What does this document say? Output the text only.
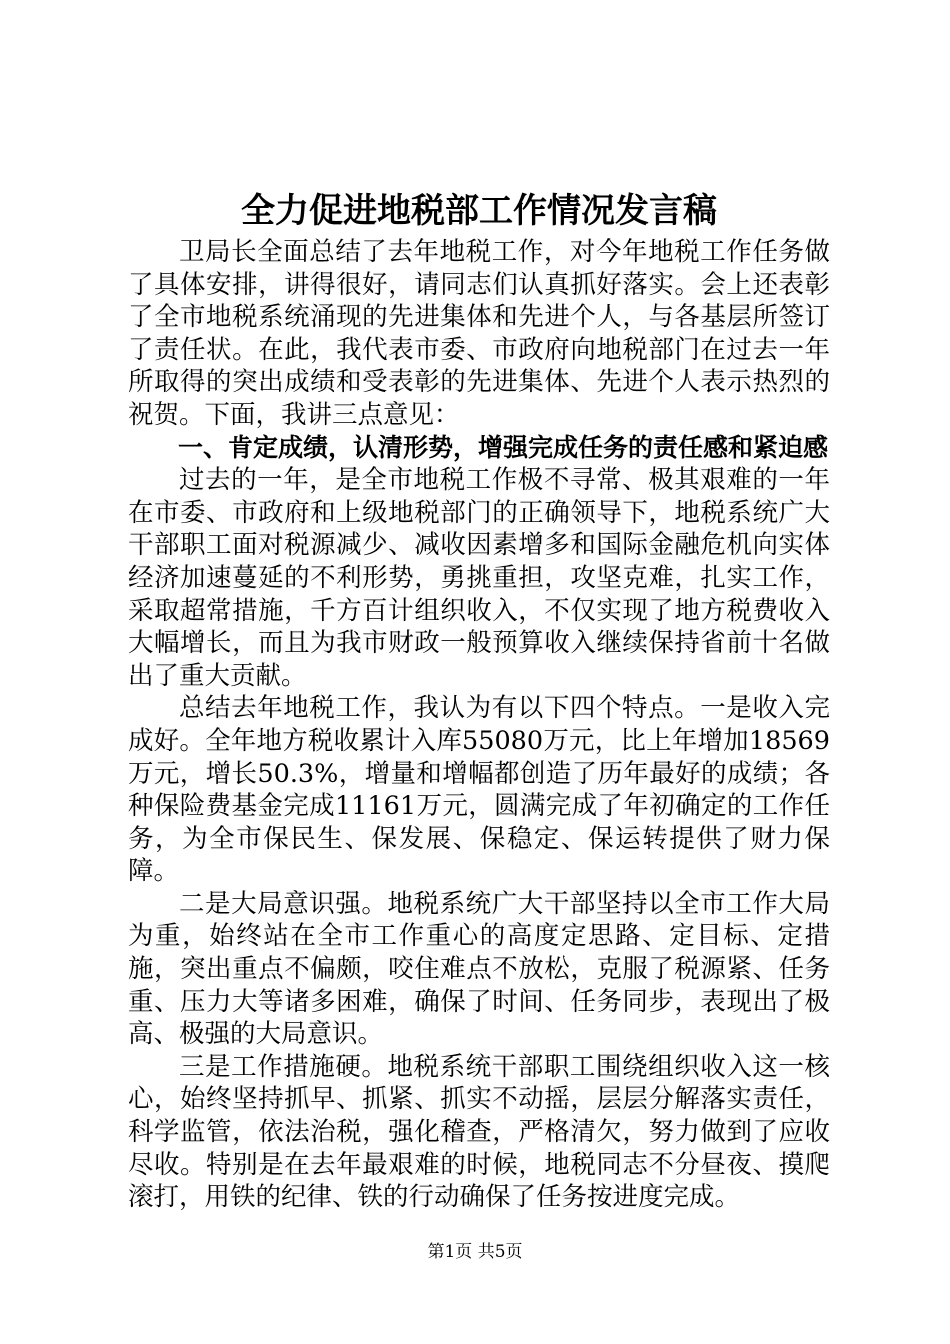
全力促进地税部工作情况发言稿

卫局长全面总结了去年地税工作，对今年地税工作任务做了具体安排，讲得很好，请同志们认真抓好落实。会上还表彰了全市地税系统涌现的先进集体和先进个人，与各基层所签订了责任状。在此，我代表市委、市政府向地税部门在过去一年所取得的突出成绩和受表彰的先进集体、先进个人表示热烈的祝贺。下面，我讲三点意见：

一、肯定成绩，认清形势，增强完成任务的责任感和紧迫感

过去的一年，是全市地税工作极不寻常、极其艰难的一年在市委、市政府和上级地税部门的正确领导下，地税系统广大干部职工面对税源减少、减收因素增多和国际金融危机向实体经济加速蔓延的不利形势，勇挑重担，攻坚克难，扎实工作，采取超常措施，千方百计组织收入，不仅实现了地方税费收入大幅增长，而且为我市财政一般预算收入继续保持省前十名做出了重大贡献。

总结去年地税工作，我认为有以下四个特点。一是收入完成好。全年地方税收累计入库55080万元，比上年增加18569万元，增长50.3%，增量和增幅都创造了历年最好的成绩；各种保险费基金完成11161万元，圆满完成了年初确定的工作任务，为全市保民生、保发展、保稳定、保运转提供了财力保障。

二是大局意识强。地税系统广大干部坚持以全市工作大局为重，始终站在全市工作重心的高度定思路、定目标、定措施，突出重点不偏颇，咬住难点不放松，克服了税源紧、任务重、压力大等诸多困难，确保了时间、任务同步，表现出了极高、极强的大局意识。

三是工作措施硬。地税系统干部职工围绕组织收入这一核心，始终坚持抓早、抓紧、抓实不动摇，层层分解落实责任，科学监管，依法治税，强化稽查，严格清欠，努力做到了应收尽收。特别是在去年最艰难的时候，地税同志不分昼夜、摸爬滚打，用铁的纪律、铁的行动确保了任务按进度完成。

第1页 共5页
